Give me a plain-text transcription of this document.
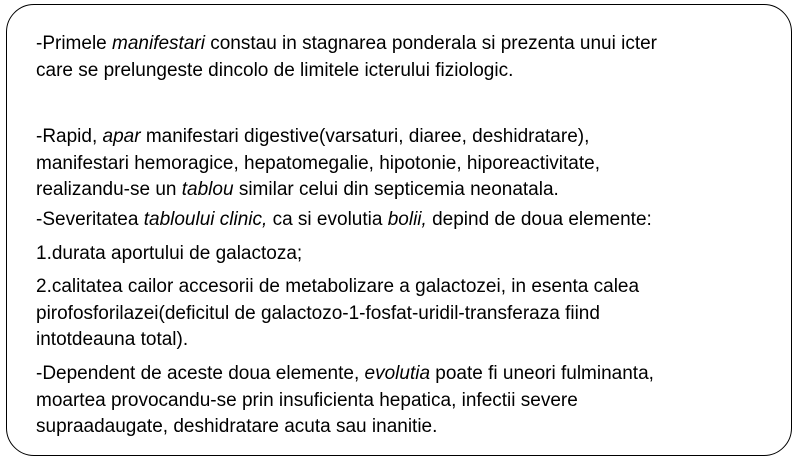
-Primele manifestari constau in stagnarea ponderala si prezenta unui icter
care se prelungeste dincolo de limitele icterului fiziologic.
-Rapid, apar manifestari digestive(varsaturi, diaree, deshidratare),
manifestari hemoragice, hepatomegalie, hipotonie, hiporeactivitate,
realizandu-se un tablou similar celui din septicemia neonatala.
-Severitatea tabloului clinic, ca si evolutia bolii, depind de doua elemente:
1.durata aportului de galactoza;
2.calitatea cailor accesorii de metabolizare a galactozei, in esenta calea
pirofosforilazei(deficitul de galactozo-1-fosfat-uridil-transferaza fiind
intotdeauna total).
-Dependent de aceste doua elemente, evolutia poate fi uneori fulminanta,
moartea provocandu-se prin insuficienta hepatica, infectii severe
supraadaugate, deshidratare acuta sau inanitie.
